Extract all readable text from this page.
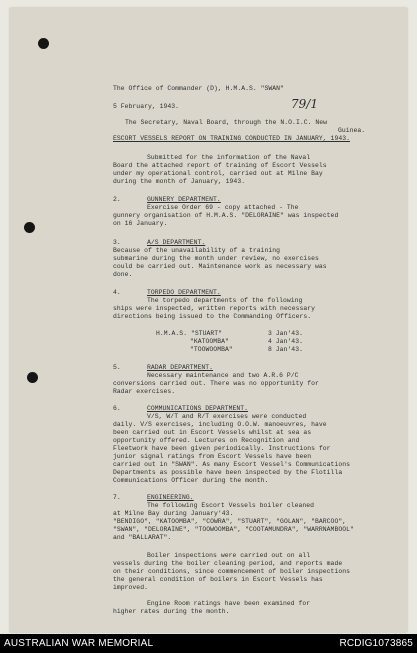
The Office of Commander (D), H.M.A.S. "SWAN"
5 February, 1943.	79/1
The Secretary, Naval Board, through the N.O.I.C. New
Guinea.
ESCORT VESSELS REPORT ON TRAINING CONDUCTED IN JANUARY, 1943.
Submitted for the information of the Naval
Board the attached report of training of Escort Vessels
under my operational control, carried out at Milne Bay
during the month of January, 1943.
2.	GUNNERY DEPARTMENT.
Exercise Order 69 - copy attached - The
gunnery organisation of H.M.A.S. "DELORAINE" was inspected
on 16 January.
3.	A/S DEPARTMENT.
Because of the unavailability of a training
submarine during the month under review, no exercises
could be carried out. Maintenance work as necessary was
done.
4.	TORPEDO DEPARTMENT.
The torpedo departments of the following
ships were inspected, written reports with necessary
directions being issued to the Commanding Officers.
H.M.A.S. "STUART"	3 Jan'43.
"KATOOMBA"	4 Jan'43.
"TOOWOOMBA"	8 Jan'43.
5.	RADAR DEPARTMENT.
Necessary maintenance and two A.R.6 P/C
conversions carried out. There was no opportunity for
Radar exercises.
6.	COMMUNICATIONS DEPARTMENT.
V/S, W/T and R/T exercises were conducted
daily. V/S exercises, including O.O.W. manoeuvres, have
been carried out in Escort Vessels whilst at sea as
opportunity offered. Lectures on Recognition and
Fleetwork have been given periodically. Instructions for
junior signal ratings from Escort Vessels have been
carried out in "SWAN". As many Escort Vessel's Communications
Departments as possible have been inspected by the Flotilla
Communications Officer during the month.
7.	ENGINEERING.
The following Escort Vessels boiler cleaned
at Milne Bay during January'43.
"BENDIGO", "KATOOMBA", "COWRA", "STUART", "GOLAN", "BARCOO",
"SWAN", "DELORAINE", "TOOWOOMBA", "COOTAMUNDRA", "WARRNAMBOOL"
and "BALLARAT".
Boiler inspections were carried out on all
vessels during the boiler cleaning period, and reports made
on their conditions, since commencement of boiler inspections
the general condition of boilers in Escort Vessels has
improved.
Engine Room ratings have been examined for
higher rates during the month.
AUSTRALIAN WAR MEMORIAL	RCDIG1073865
